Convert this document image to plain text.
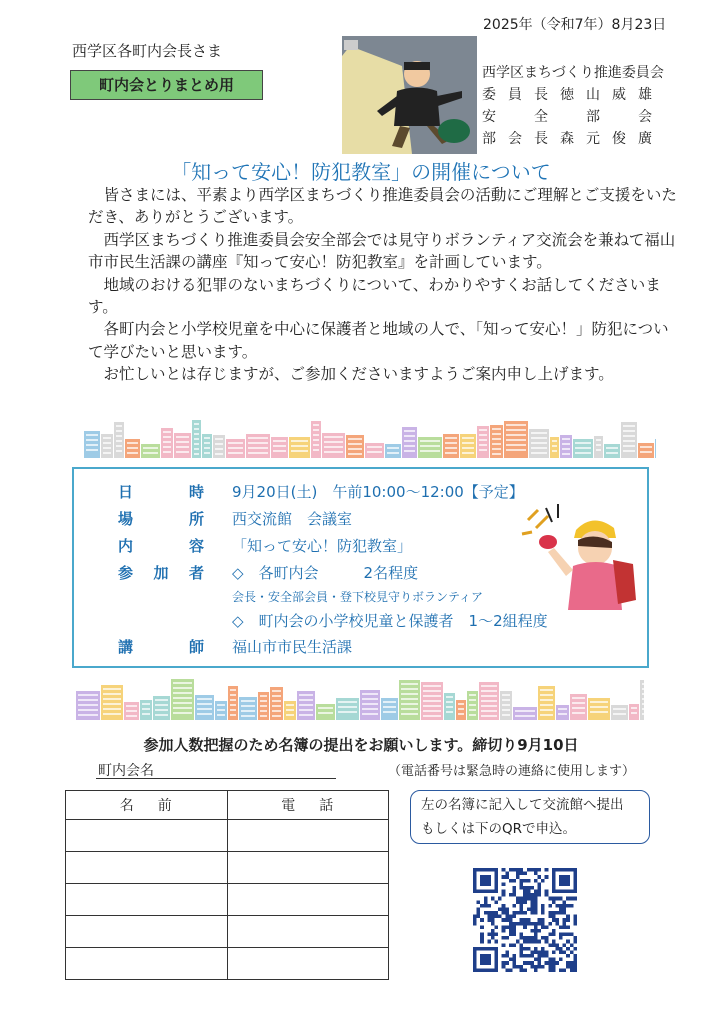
2025年（令和7年）8月23日
西学区各町内会長さま
町内会とりまとめ用
西学区まちづくり推進委員会
委員長徳山威雄
安全部会
部会長森元俊廣
「知って安心！防犯教室」の開催について

皆さまには、平素より西学区まちづくり推進委員会の活動にご理解とご支援をいただき、ありがとうございます。

西学区まちづくり推進委員会安全部会では見守りボランティア交流会を兼ねて福山市市民生活課の講座『知って安心！防犯教室』を計画しています。

地域のおける犯罪のないまちづくりについて、わかりやすくお話してくださいます。

各町内会と小学校児童を中心に保護者と地域の人で、「知って安心！」防犯について学びたいと思います。

お忙しいとは存じますが、ご参加くださいますようご案内申し上げます。

日時 9月20日(土)　午前10:00～12:00【予定】
場所 西交流館　会議室
内容 「知って安心！防犯教室」
参加者 ◇　各町内会　　　2名程度
会長・安全部会員・登下校見守りボランティア
◇　町内会の小学校児童と保護者　1～2組程度
講師 福山市市民生活課
参加人数把握のため名簿の提出をお願いします。締切り9月10日
町内会名	（電話番号は緊急時の連絡に使用します）
名前	電話

		左の名簿に記入して交流館へ提出
もしくは下のQRで申込。
